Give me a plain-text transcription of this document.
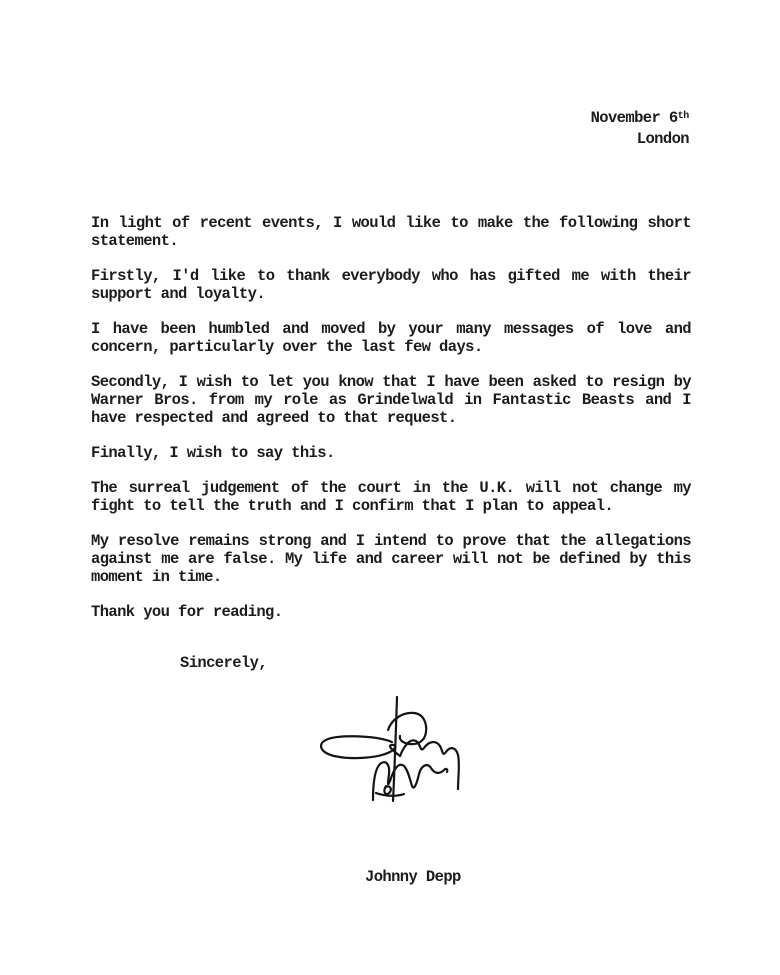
November 6th
London
In light of recent events, I would like to make the following short
statement.
Firstly, I'd like to thank everybody who has gifted me with their
support and loyalty.
I have been humbled and moved by your many messages of love and
concern, particularly over the last few days.
Secondly, I wish to let you know that I have been asked to resign by
Warner Bros. from my role as Grindelwald in Fantastic Beasts and I
have respected and agreed to that request.
Finally, I wish to say this.
The surreal judgement of the court in the U.K. will not change my
fight to tell the truth and I confirm that I plan to appeal.
My resolve remains strong and I intend to prove that the allegations
against me are false. My life and career will not be defined by this
moment in time.
Thank you for reading.
Sincerely,
Johnny Depp
